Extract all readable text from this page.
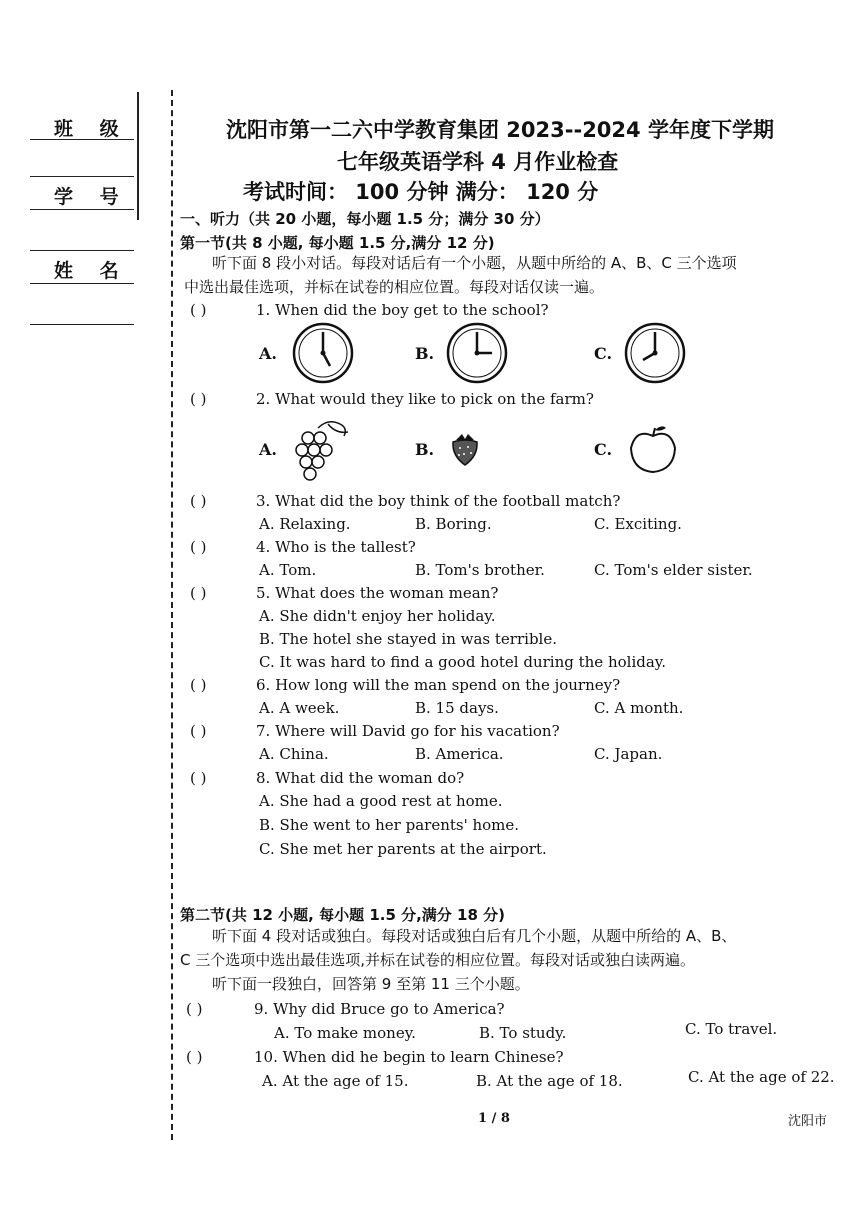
班 级
学 号
姓 名
沈阳市第一二六中学教育集团 2023--2024 学年度下学期
七年级英语学科 4 月作业检查
考试时间： 100 分钟 满分： 120 分
一、听力（共 20 小题，每小题 1.5 分；满分 30 分）
第一节(共 8 小题, 每小题 1.5 分,满分 12 分)
听下面 8 段小对话。每段对话后有一个小题，从题中所给的 A、B、C 三个选项
中选出最佳选项，并标在试卷的相应位置。每段对话仅读一遍。
( )	1. When did the boy get to the school?
A.	B.	C.
( )	2. What would they like to pick on the farm?
A.	B.	C.
( )	3. What did the boy think of the football match?
A. Relaxing.	B. Boring.	C. Exciting.
( )	4. Who is the tallest?
A. Tom.	B. Tom's brother.	C. Tom's elder sister.
( )	5. What does the woman mean?
A. She didn't enjoy her holiday.
B. The hotel she stayed in was terrible.
C. It was hard to find a good hotel during the holiday.
( )	6. How long will the man spend on the journey?
A. A week.	B. 15 days.	C. A month.
( )	7. Where will David go for his vacation?
A. China.	B. America.	C. Japan.
( )	8. What did the woman do?
A. She had a good rest at home.
B. She went to her parents' home.
C. She met her parents at the airport.
第二节(共 12 小题, 每小题 1.5 分,满分 18 分)
听下面 4 段对话或独白。每段对话或独白后有几个小题，从题中所给的 A、B、
C 三个选项中选出最佳选项,并标在试卷的相应位置。每段对话或独白读两遍。
听下面一段独白，回答第 9 至第 11 三个小题。
( )	9. Why did Bruce go to America?
A. To make money.	B. To study.	C. To travel.
( )	10. When did he begin to learn Chinese?
A. At the age of 15.	B. At the age of 18.	C. At the age of 22.
1 / 8	沈阳市
